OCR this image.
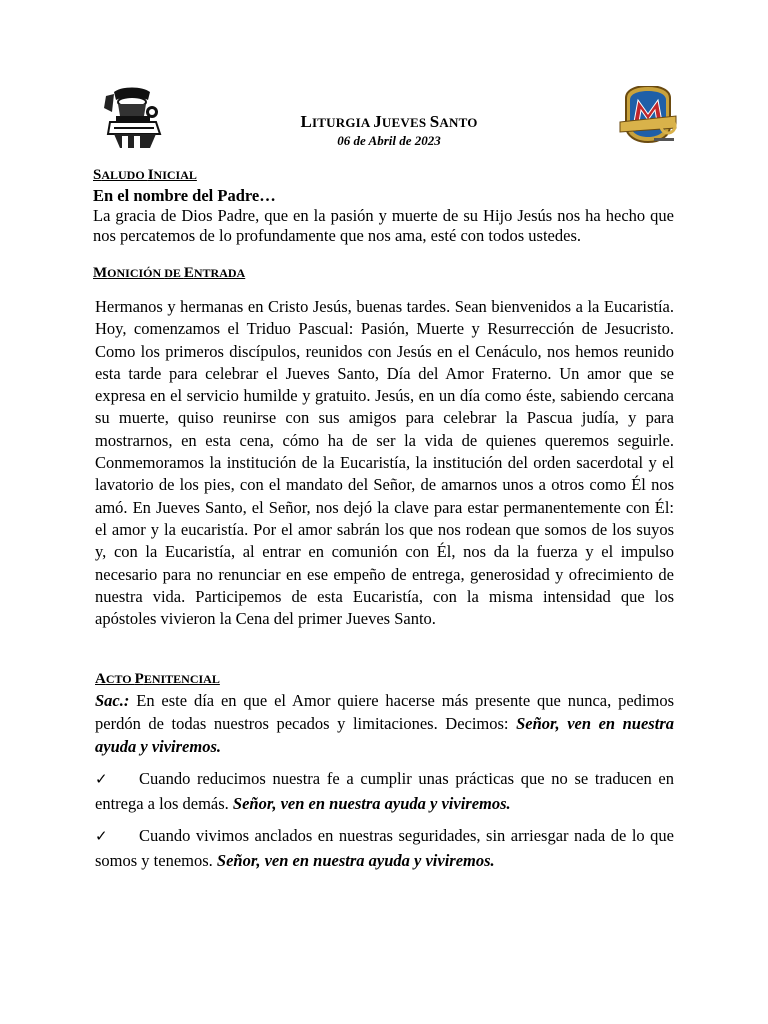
LITURGIA JUEVES SANTO
06 de Abril de 2023
SALUDO INICIAL
En el nombre del Padre…
La gracia de Dios Padre, que en la pasión y muerte de su Hijo Jesús nos ha hecho que nos percatemos de lo profundamente que nos ama, esté con todos ustedes.
MONICIÓN DE ENTRADA
Hermanos y hermanas en Cristo Jesús, buenas tardes. Sean bienvenidos a la Eucaristía. Hoy, comenzamos el Triduo Pascual: Pasión, Muerte y Resurrección de Jesucristo. Como los primeros discípulos, reunidos con Jesús en el Cenáculo, nos hemos reunido esta tarde para celebrar el Jueves Santo, Día del Amor Fraterno. Un amor que se expresa en el servicio humilde y gratuito. Jesús, en un día como éste, sabiendo cercana su muerte, quiso reunirse con sus amigos para celebrar la Pascua judía, y para mostrarnos, en esta cena, cómo ha de ser la vida de quienes queremos seguirle. Conmemoramos la institución de la Eucaristía, la institución del orden sacerdotal y el lavatorio de los pies, con el mandato del Señor, de amarnos unos a otros como Él nos amó. En Jueves Santo, el Señor, nos dejó la clave para estar permanentemente con Él: el amor y la eucaristía. Por el amor sabrán los que nos rodean que somos de los suyos y, con la Eucaristía, al entrar en comunión con Él, nos da la fuerza y el impulso necesario para no renunciar en ese empeño de entrega, generosidad y ofrecimiento de nuestra vida. Participemos de esta Eucaristía, con la misma intensidad que los apóstoles vivieron la Cena del primer Jueves Santo.
ACTO PENITENCIAL
Sac.: En este día en que el Amor quiere hacerse más presente que nunca, pedimos perdón de todas nuestros pecados y limitaciones. Decimos: Señor, ven en nuestra ayuda y viviremos.
✓ Cuando reducimos nuestra fe a cumplir unas prácticas que no se traducen en entrega a los demás. Señor, ven en nuestra ayuda y viviremos.
✓ Cuando vivimos anclados en nuestras seguridades, sin arriesgar nada de lo que somos y tenemos. Señor, ven en nuestra ayuda y viviremos.
